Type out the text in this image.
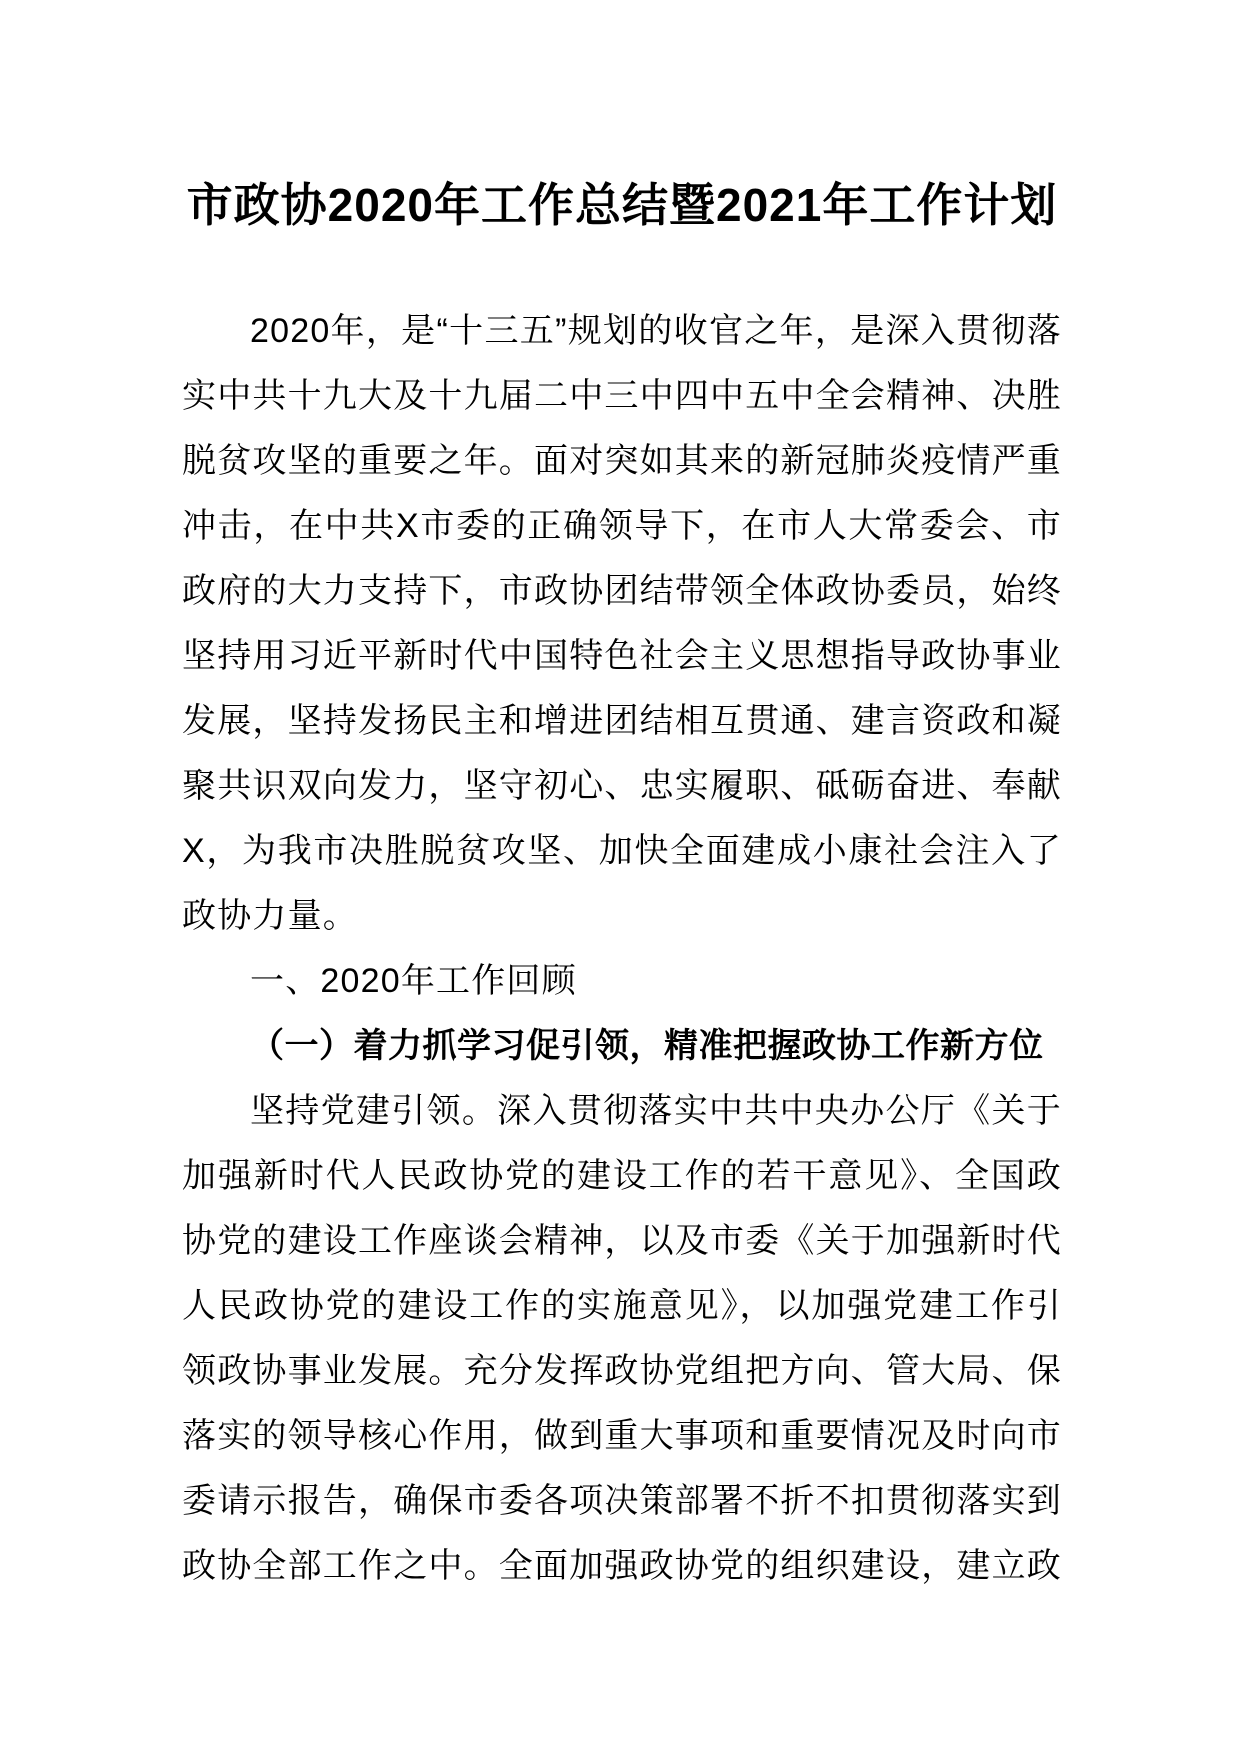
市政协2020年工作总结暨2021年工作计划

2020年，是“十三五”规划的收官之年，是深入贯彻落实中共十九大及十九届二中三中四中五中全会精神、决胜脱贫攻坚的重要之年。面对突如其来的新冠肺炎疫情严重冲击，在中共X市委的正确领导下，在市人大常委会、市政府的大力支持下，市政协团结带领全体政协委员，始终坚持用习近平新时代中国特色社会主义思想指导政协事业发展，坚持发扬民主和增进团结相互贯通、建言资政和凝聚共识双向发力，坚守初心、忠实履职、砥砺奋进、奉献X，为我市决胜脱贫攻坚、加快全面建成小康社会注入了政协力量。

一、2020年工作回顾
（一）着力抓学习促引领，精准把握政协工作新方位

坚持党建引领。深入贯彻落实中共中央办公厅《关于加强新时代人民政协党的建设工作的若干意见》、全国政协党的建设工作座谈会精神，以及市委《关于加强新时代人民政协党的建设工作的实施意见》，以加强党建工作引领政协事业发展。充分发挥政协党组把方向、管大局、保落实的领导核心作用，做到重大事项和重要情况及时向市委请示报告，确保市委各项决策部署不折不扣贯彻落实到政协全部工作之中。全面加强政协党的组织建设，建立政
